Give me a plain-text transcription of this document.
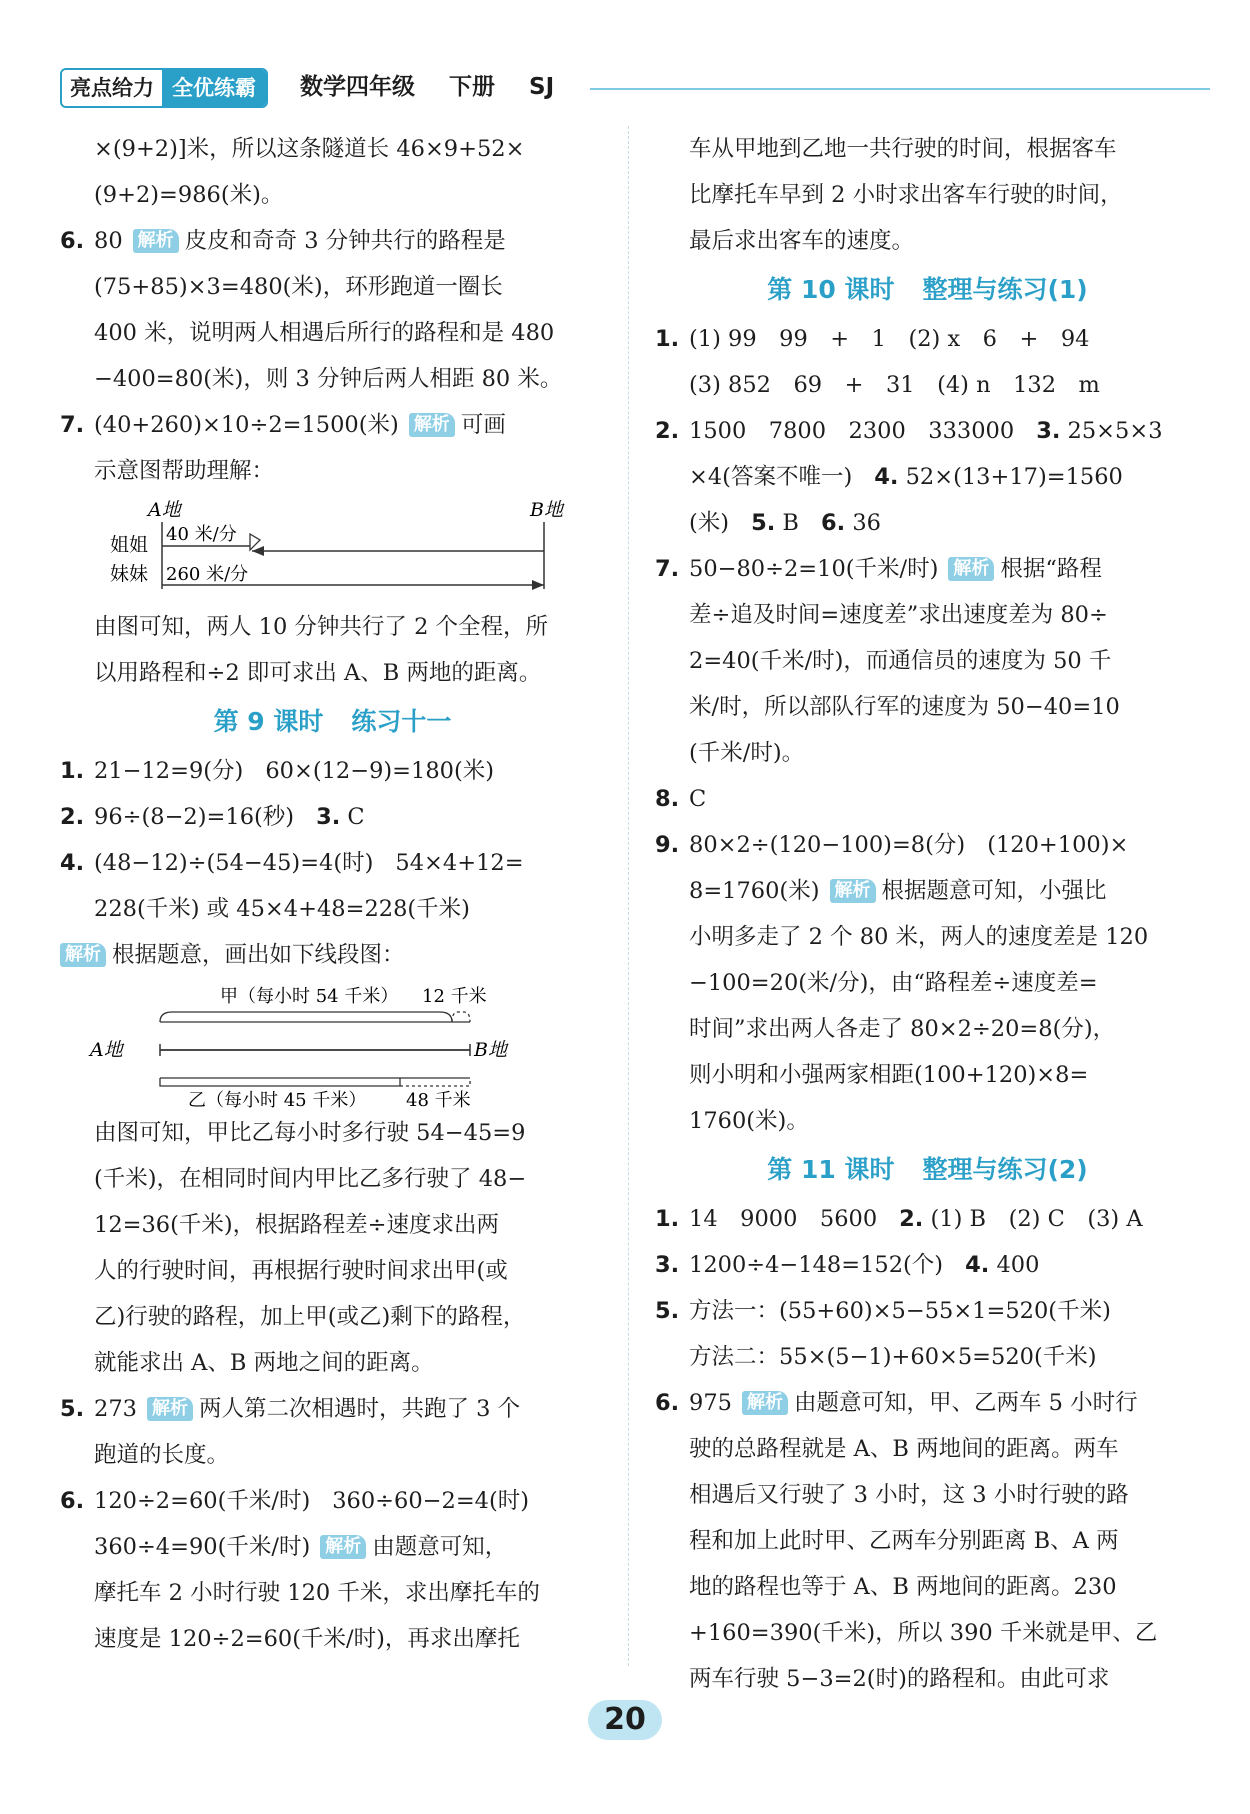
亮点给力 全优练霸	数学四年级 下册 SJ

×(9+2)]米，所以这条隧道长 46×9+52×

(9+2)=986(米)。

6. 80 解析 皮皮和奇奇 3 分钟共行的路程是

(75+85)×3=480(米)，环形跑道一圈长

400 米，说明两人相遇后所行的路程和是 480

−400=80(米)，则 3 分钟后两人相距 80 米。

7. (40+260)×10÷2=1500(米) 解析 可画

示意图帮助理解：

A地	B地
姐姐
妹妹
40 米/分
260 米/分

由图可知，两人 10 分钟共行了 2 个全程，所

以用路程和÷2 即可求出 A、B 两地的距离。

第 9 课时 练习十一

1. 21−12=9(分) 60×(12−9)=180(米)

2. 96÷(8−2)=16(秒) 3. C

4. (48−12)÷(54−45)=4(时) 54×4+12=

228(千米) 或 45×4+48=228(千米)

解析 根据题意，画出如下线段图：

甲（每小时 54 千米） 12 千米
A地	B地
乙（每小时 45 千米） 48 千米

由图可知，甲比乙每小时多行驶 54−45=9

(千米)，在相同时间内甲比乙多行驶了 48−

12=36(千米)，根据路程差÷速度求出两

人的行驶时间，再根据行驶时间求出甲(或

乙)行驶的路程，加上甲(或乙)剩下的路程，

就能求出 A、B 两地之间的距离。

5. 273 解析 两人第二次相遇时，共跑了 3 个

跑道的长度。

6. 120÷2=60(千米/时) 360÷60−2=4(时)

360÷4=90(千米/时) 解析 由题意可知，

摩托车 2 小时行驶 120 千米，求出摩托车的

速度是 120÷2=60(千米/时)，再求出摩托

车从甲地到乙地一共行驶的时间，根据客车

比摩托车早到 2 小时求出客车行驶的时间，

最后求出客车的速度。

第 10 课时 整理与练习(1)

1. (1) 99　99　+　1　(2) x　6　+　94

(3) 852　69　+　31　(4) n　132　m

2. 1500　7800　2300　333000 3. 25×5×3

×4(答案不唯一) 4. 52×(13+17)=1560

(米) 5. B 6. 36

7. 50−80÷2=10(千米/时) 解析 根据“路程

差÷追及时间=速度差”求出速度差为 80÷

2=40(千米/时)，而通信员的速度为 50 千

米/时，所以部队行军的速度为 50−40=10

(千米/时)。

8. C

9. 80×2÷(120−100)=8(分) (120+100)×

8=1760(米) 解析 根据题意可知，小强比

小明多走了 2 个 80 米，两人的速度差是 120

−100=20(米/分)，由“路程差÷速度差=

时间”求出两人各走了 80×2÷20=8(分)，

则小明和小强两家相距(100+120)×8=

1760(米)。

第 11 课时 整理与练习(2)

1. 14　9000　5600 2. (1) B　(2) C　(3) A

3. 1200÷4−148=152(个) 4. 400

5. 方法一：(55+60)×5−55×1=520(千米)

方法二：55×(5−1)+60×5=520(千米)

6. 975 解析 由题意可知，甲、乙两车 5 小时行

驶的总路程就是 A、B 两地间的距离。两车

相遇后又行驶了 3 小时，这 3 小时行驶的路

程和加上此时甲、乙两车分别距离 B、A 两

地的路程也等于 A、B 两地间的距离。230

+160=390(千米)，所以 390 千米就是甲、乙

两车行驶 5−3=2(时)的路程和。由此可求

20
